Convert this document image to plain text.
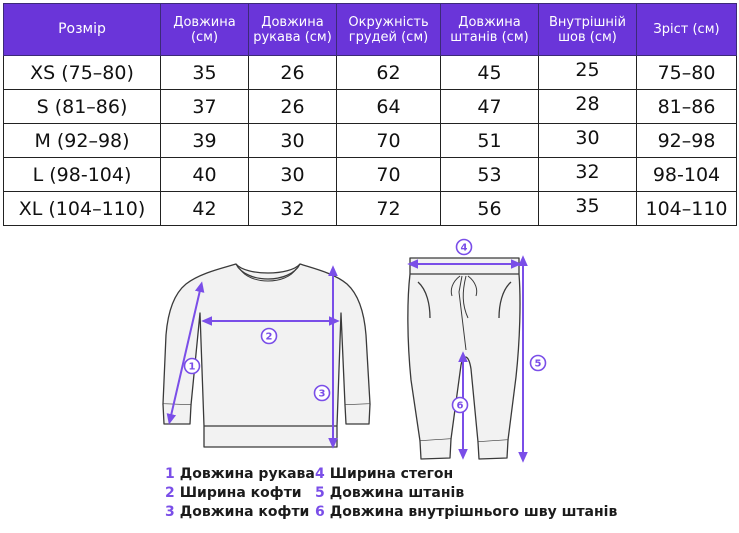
Розмір	Довжина (см)	Довжина рукава (см)	Окружність грудей (см)	Довжина штанів (см)	Внутрішній шов (см)	Зріст (см)
XS (75–80)	35	26	62	45	25	75–80
S (81–86)	37	26	64	47	28	81–86
M (92–98)	39	30	70	51	30	92–98
L (98-104)	40	30	70	53	32	98-104
XL (104–110)	42	32	72	56	35	104–110
1
2
3
4
5
6
1 Довжина рукава
2 Ширина кофти
3 Довжина кофти
4 Ширина стегон
5 Довжина штанів
6 Довжина внутрішнього шву штанів
